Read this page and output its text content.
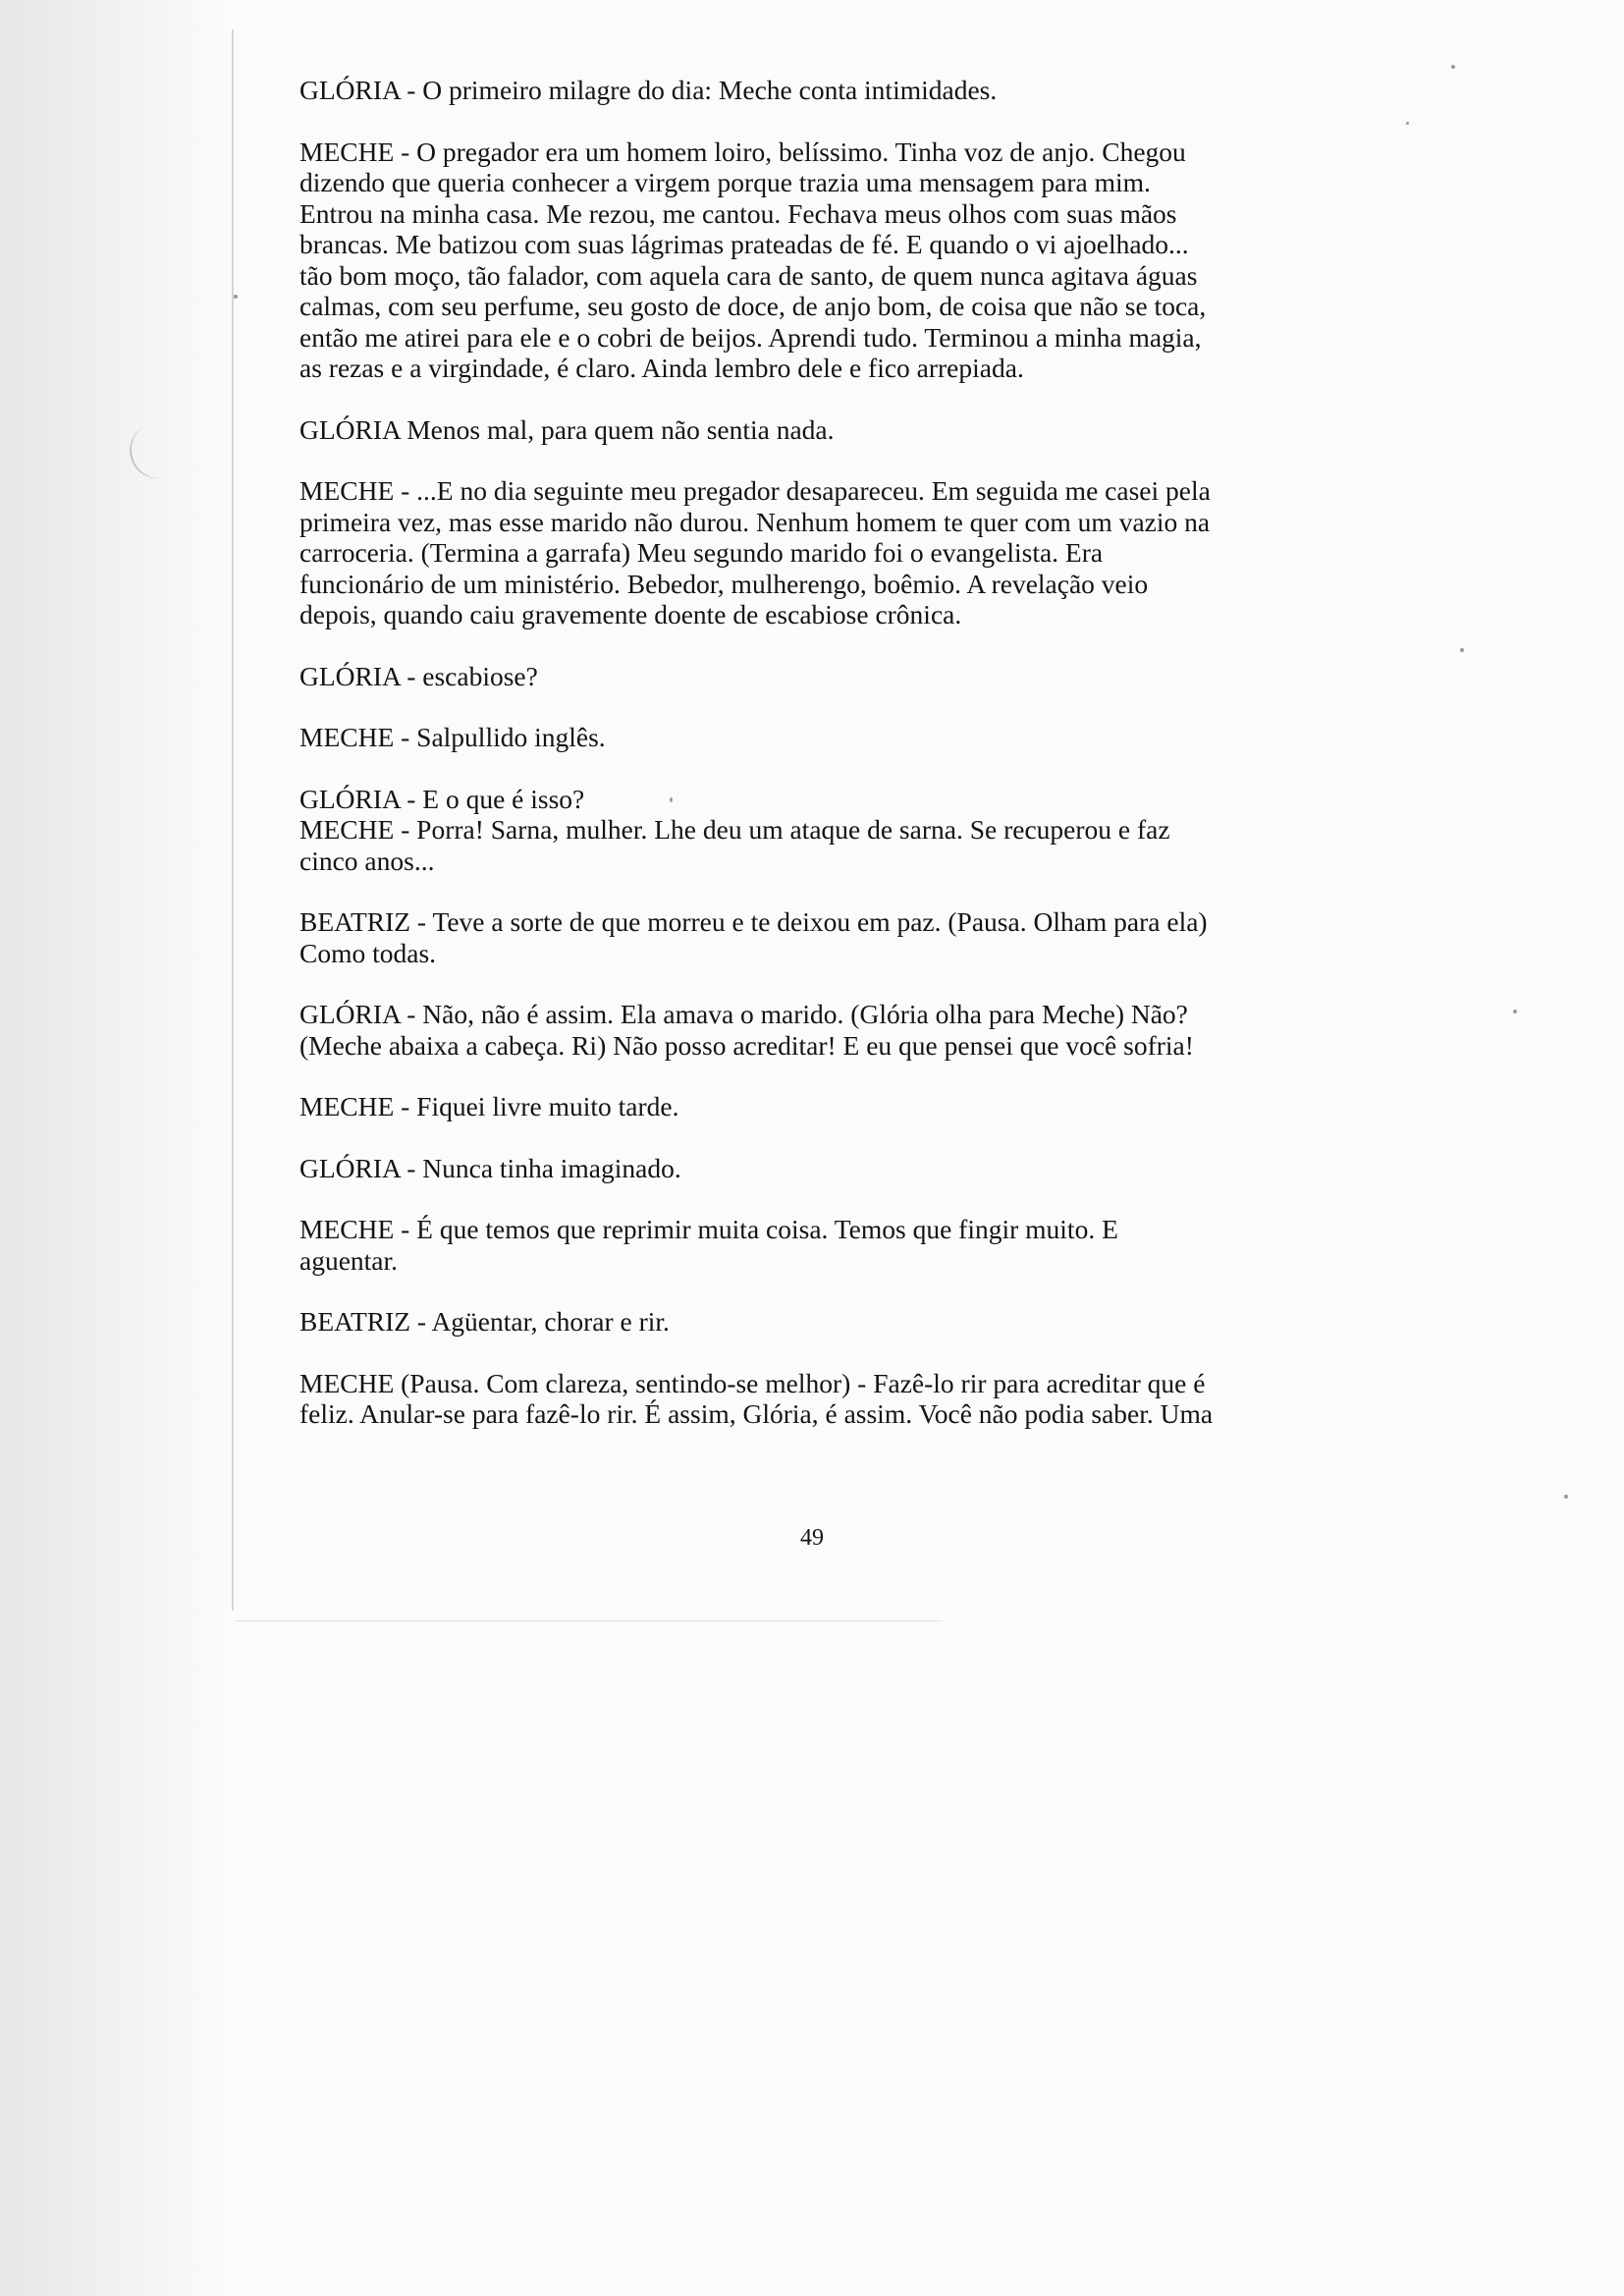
GLÓRIA - O primeiro milagre do dia: Meche conta intimidades.

MECHE - O pregador era um homem loiro, belíssimo. Tinha voz de anjo. Chegou
dizendo que queria conhecer a virgem porque trazia uma mensagem para mim.
Entrou na minha casa. Me rezou, me cantou. Fechava meus olhos com suas mãos
brancas. Me batizou com suas lágrimas prateadas de fé. E quando o vi ajoelhado...
tão bom moço, tão falador, com aquela cara de santo, de quem nunca agitava águas
calmas, com seu perfume, seu gosto de doce, de anjo bom, de coisa que não se toca,
então me atirei para ele e o cobri de beijos. Aprendi tudo. Terminou a minha magia,
as rezas e a virgindade, é claro. Ainda lembro dele e fico arrepiada.

GLÓRIA Menos mal, para quem não sentia nada.

MECHE - ...E no dia seguinte meu pregador desapareceu. Em seguida me casei pela
primeira vez, mas esse marido não durou. Nenhum homem te quer com um vazio na
carroceria. (Termina a garrafa) Meu segundo marido foi o evangelista. Era
funcionário de um ministério. Bebedor, mulherengo, boêmio. A revelação veio
depois, quando caiu gravemente doente de escabiose crônica.

GLÓRIA - escabiose?

MECHE - Salpullido inglês.

GLÓRIA - E o que é isso?

MECHE - Porra! Sarna, mulher. Lhe deu um ataque de sarna. Se recuperou e faz
cinco anos...

BEATRIZ - Teve a sorte de que morreu e te deixou em paz. (Pausa. Olham para ela)
Como todas.

GLÓRIA - Não, não é assim. Ela amava o marido. (Glória olha para Meche) Não?
(Meche abaixa a cabeça. Ri) Não posso acreditar! E eu que pensei que você sofria!

MECHE - Fiquei livre muito tarde.

GLÓRIA - Nunca tinha imaginado.

MECHE - É que temos que reprimir muita coisa. Temos que fingir muito. E
aguentar.

BEATRIZ - Agüentar, chorar e rir.

MECHE (Pausa. Com clareza, sentindo-se melhor) - Fazê-lo rir para acreditar que é
feliz. Anular-se para fazê-lo rir. É assim, Glória, é assim. Você não podia saber. Uma

49
